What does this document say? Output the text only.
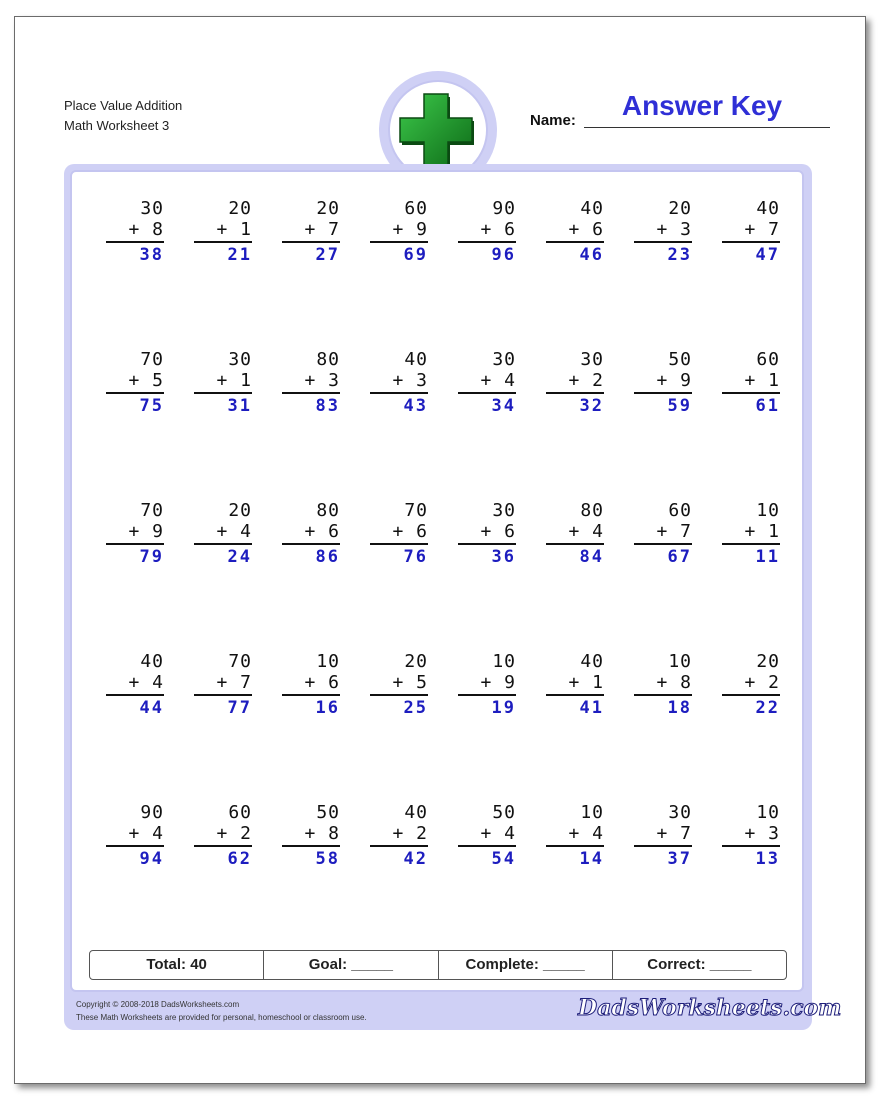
Place Value Addition
Math Worksheet 3	Name:	Answer Key
30
+ 8
38
20
+ 1
21
20
+ 7
27
60
+ 9
69
90
+ 6
96
40
+ 6
46
20
+ 3
23
40
+ 7
47
70
+ 5
75
30
+ 1
31
80
+ 3
83
40
+ 3
43
30
+ 4
34
30
+ 2
32
50
+ 9
59
60
+ 1
61
70
+ 9
79
20
+ 4
24
80
+ 6
86
70
+ 6
76
30
+ 6
36
80
+ 4
84
60
+ 7
67
10
+ 1
11
40
+ 4
44
70
+ 7
77
10
+ 6
16
20
+ 5
25
10
+ 9
19
40
+ 1
41
10
+ 8
18
20
+ 2
22
90
+ 4
94
60
+ 2
62
50
+ 8
58
40
+ 2
42
50
+ 4
54
10
+ 4
14
30
+ 7
37
10
+ 3
13
Total: 40	Goal: _____	Complete: _____	Correct: _____
Copyright © 2008-2018 DadsWorksheets.com
These Math Worksheets are provided for personal, homeschool or classroom use.	DadsWorksheets.com
